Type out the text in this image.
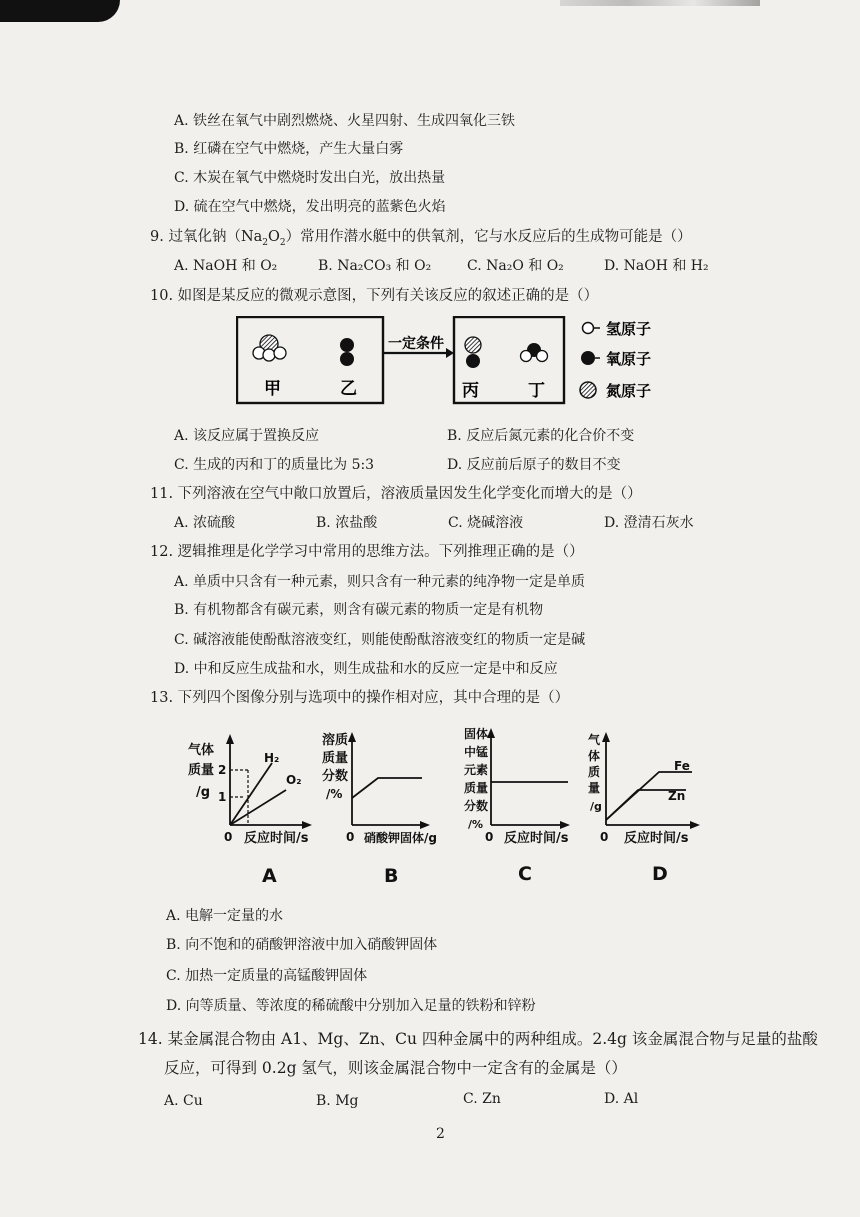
A. 铁丝在氧气中剧烈燃烧、火星四射、生成四氧化三铁
B. 红磷在空气中燃烧，产生大量白雾
C. 木炭在氧气中燃烧时发出白光，放出热量
D. 硫在空气中燃烧，发出明亮的蓝紫色火焰
9. 过氧化钠$(Na_2O_2)$常用作潜水艇中的供氧剂，它与水反应后的生成物可能是（）
A. NaOH 和 O₂	B. Na₂CO₃ 和 O₂	C. Na₂O 和 O₂	D. NaOH 和 H₂
10. 如图是某反应的微观示意图，下列有关该反应的叙述正确的是（）
甲	乙
一定条件
丙	丁
氢原子
氧原子
氮原子
A. 该反应属于置换反应	B. 反应后氮元素的化合价不变
C. 生成的丙和丁的质量比为 5:3	D. 反应前后原子的数目不变
11. 下列溶液在空气中敞口放置后，溶液质量因发生化学变化而增大的是（）
A. 浓硫酸	B. 浓盐酸	C. 烧碱溶液	D. 澄清石灰水
12. 逻辑推理是化学学习中常用的思维方法。下列推理正确的是（）
A. 单质中只含有一种元素，则只含有一种元素的纯净物一定是单质
B. 有机物都含有碳元素，则含有碳元素的物质一定是有机物
C. 碱溶液能使酚酞溶液变红，则能使酚酞溶液变红的物质一定是碱
D. 中和反应生成盐和水，则生成盐和水的反应一定是中和反应
13. 下列四个图像分别与选项中的操作相对应，其中合理的是（）
气体
质量
/g
2
1
H₂
O₂
0 反应时间/s
A
溶质
质量
分数
/%
0 硝酸钾固体/g
B
固体
中锰
元素
质量
分数
/%
0 反应时间/s
C
气
体
质
量
/g
Fe
Zn
0 反应时间/s
D
A. 电解一定量的水
B. 向不饱和的硝酸钾溶液中加入硝酸钾固体
C. 加热一定质量的高锰酸钾固体
D. 向等质量、等浓度的稀硫酸中分别加入足量的铁粉和锌粉
14. 某金属混合物由 A1、Mg、Zn、Cu 四种金属中的两种组成。2.4g 该金属混合物与足量的盐酸
反应，可得到 0.2g 氢气，则该金属混合物中一定含有的金属是（）
A. Cu	B. Mg	C. Zn	D. Al
2
